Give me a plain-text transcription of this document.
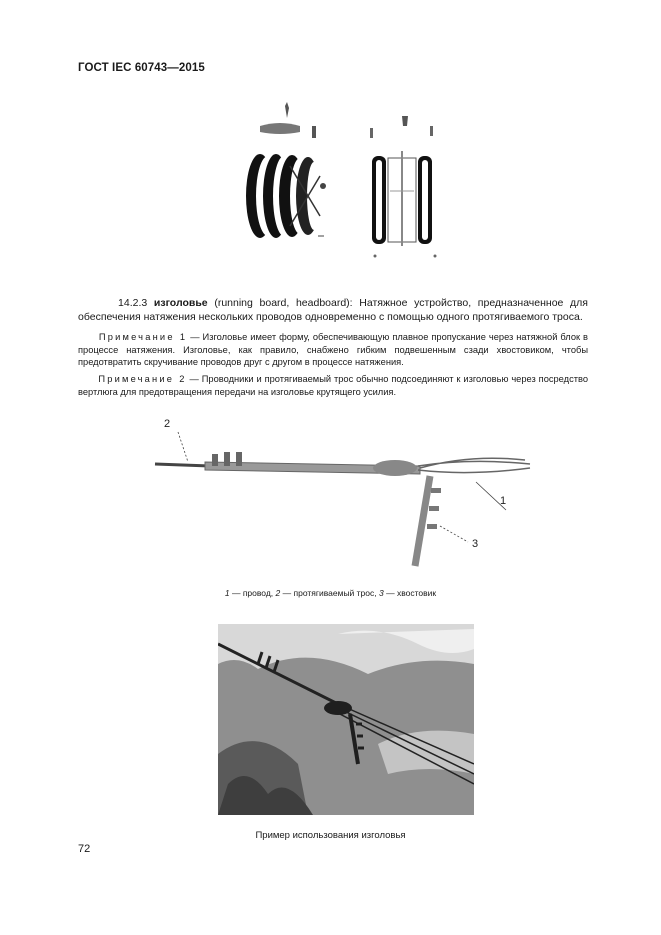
ГОСТ IEC 60743—2015
14.2.3 изголовье (running board, headboard): Натяжное устройство, предназначенное для обеспечения натяжения нескольких проводов одновременно с помощью одного протягиваемого троса.
Примечание 1 — Изголовье имеет форму, обеспечивающую плавное пропускание через натяжной блок в процессе натяжения. Изголовье, как правило, снабжено гибким подвешенным сзади хвостовиком, чтобы предотвратить скручивание проводов друг с другом в процессе натяжения.
Примечание 2 — Проводники и протягиваемый трос обычно подсоединяют к изголовью через посредство вертлюга для предотвращения передачи на изголовье крутящего усилия.
2
1
3
1 — провод, 2 — протягиваемый трос, 3 — хвостовик
Пример использования изголовья
72
